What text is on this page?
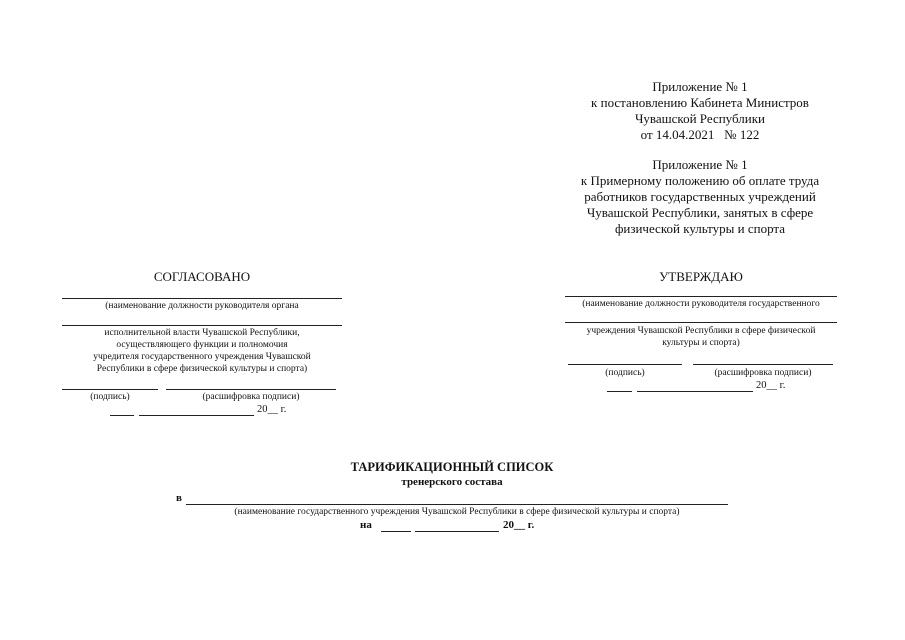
Приложение № 1
к постановлению Кабинета Министров
Чувашской Республики
от 14.04.2021   № 122
Приложение № 1
к Примерному положению об оплате труда
работников государственных учреждений
Чувашской Республики, занятых в сфере
физической культуры и спорта
СОГЛАСОВАНО
(наименование должности руководителя органа
исполнительной власти Чувашской Республики,
осуществляющего функции и полномочия
учредителя государственного учреждения Чувашской
Республики в сфере физической культуры и спорта)
(подпись)	(расшифровка подписи)
20__ г.
УТВЕРЖДАЮ
(наименование должности руководителя государственного
учреждения Чувашской Республики в сфере физической
культуры и спорта)
(подпись)	(расшифровка подписи)
20__ г.
ТАРИФИКАЦИОННЫЙ СПИСОК
тренерского состава
в
(наименование государственного учреждения Чувашской Республики в сфере физической культуры и спорта)
на	20__ г.
